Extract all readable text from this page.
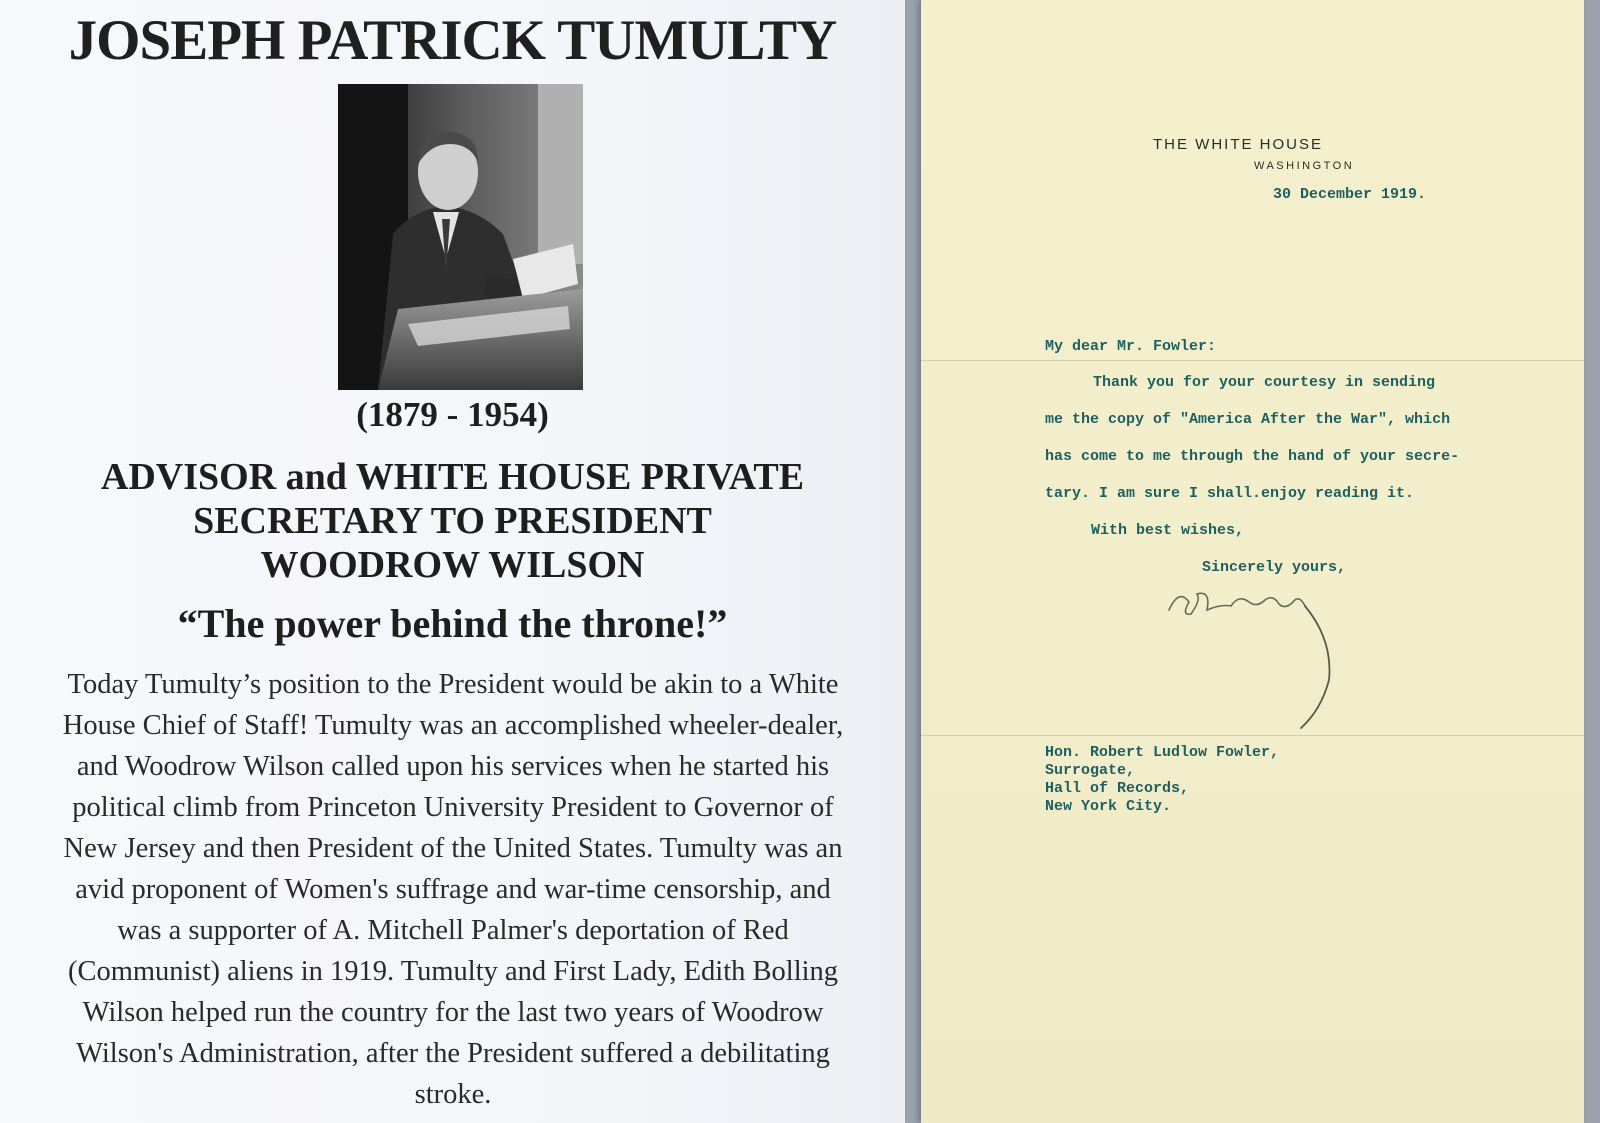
JOSEPH PATRICK TUMULTY
(1879 - 1954)
ADVISOR and WHITE HOUSE PRIVATE
SECRETARY TO PRESIDENT
WOODROW WILSON
“The power behind the throne!”
Today Tumulty’s position to the President would be akin to a White
House Chief of Staff! Tumulty was an accomplished wheeler-dealer,
and Woodrow Wilson called upon his services when he started his
political climb from Princeton University President to Governor of
New Jersey and then President of the United States. Tumulty was an
avid proponent of Women's suffrage and war-time censorship, and
was a supporter of A. Mitchell Palmer's deportation of Red
(Communist) aliens in 1919. Tumulty and First Lady, Edith Bolling
Wilson helped run the country for the last two years of Woodrow
Wilson's Administration, after the President suffered a debilitating
stroke.
THE WHITE HOUSE
WASHINGTON
30 December 1919.
My dear Mr. Fowler:
Thank you for your courtesy in sending
me the copy of "America After the War", which
has come to me through the hand of your secre-
tary. I am sure I shall.enjoy reading it.
With best wishes,
Sincerely yours,
Hon. Robert Ludlow Fowler,
Surrogate,
Hall of Records,
New York City.
